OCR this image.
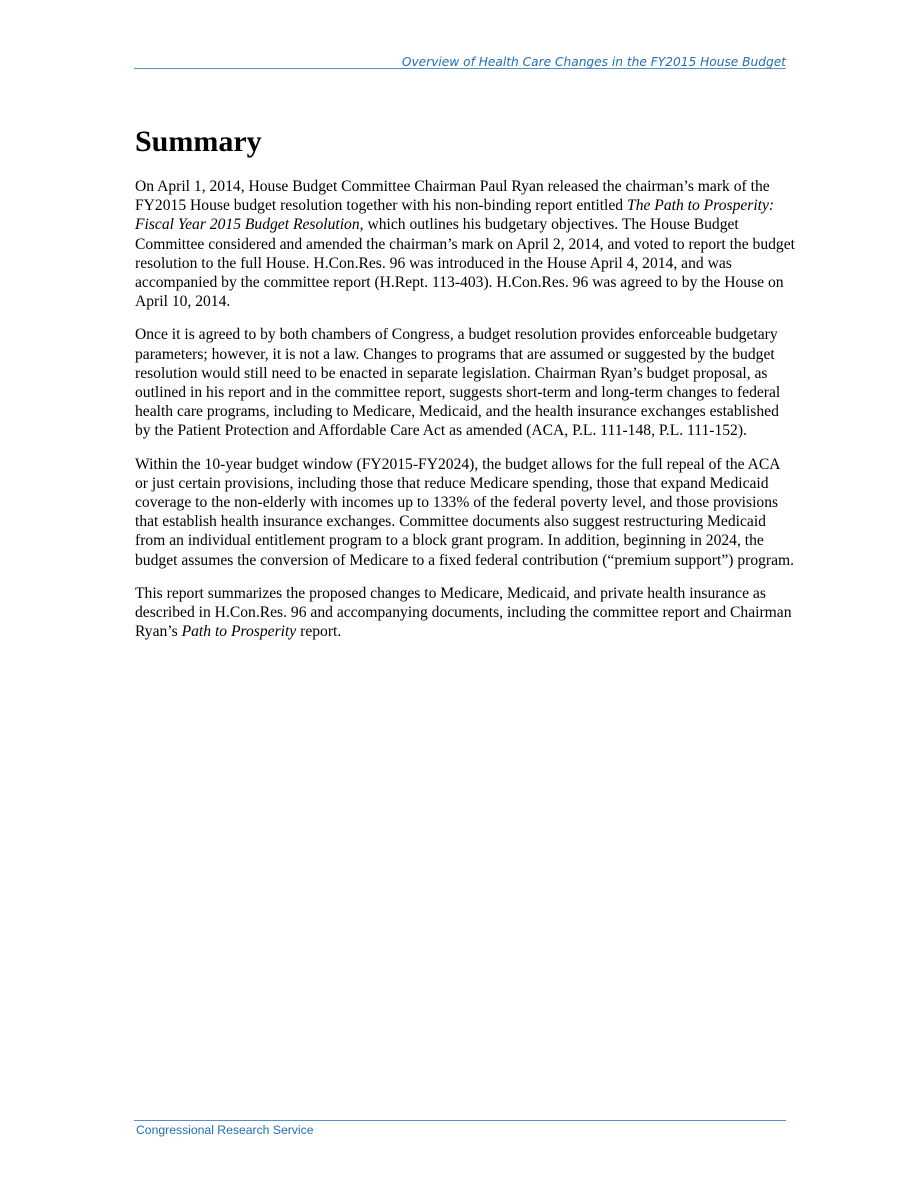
Overview of Health Care Changes in the FY2015 House Budget
Summary

On April 1, 2014, House Budget Committee Chairman Paul Ryan released the chairman’s mark of the FY2015 House budget resolution together with his non-binding report entitled The Path to Prosperity: Fiscal Year 2015 Budget Resolution, which outlines his budgetary objectives. The House Budget Committee considered and amended the chairman’s mark on April 2, 2014, and voted to report the budget resolution to the full House. H.Con.Res. 96 was introduced in the House April 4, 2014, and was accompanied by the committee report (H.Rept. 113-403). H.Con.Res. 96 was agreed to by the House on April 10, 2014.

Once it is agreed to by both chambers of Congress, a budget resolution provides enforceable budgetary parameters; however, it is not a law. Changes to programs that are assumed or suggested by the budget resolution would still need to be enacted in separate legislation. Chairman Ryan’s budget proposal, as outlined in his report and in the committee report, suggests short-term and long-term changes to federal health care programs, including to Medicare, Medicaid, and the health insurance exchanges established by the Patient Protection and Affordable Care Act as amended (ACA, P.L. 111-148, P.L. 111-152).

Within the 10-year budget window (FY2015-FY2024), the budget allows for the full repeal of the ACA or just certain provisions, including those that reduce Medicare spending, those that expand Medicaid coverage to the non-elderly with incomes up to 133% of the federal poverty level, and those provisions that establish health insurance exchanges. Committee documents also suggest restructuring Medicaid from an individual entitlement program to a block grant program. In addition, beginning in 2024, the budget assumes the conversion of Medicare to a fixed federal contribution (“premium support”) program.

This report summarizes the proposed changes to Medicare, Medicaid, and private health insurance as described in H.Con.Res. 96 and accompanying documents, including the committee report and Chairman Ryan’s Path to Prosperity report.

Congressional Research Service
